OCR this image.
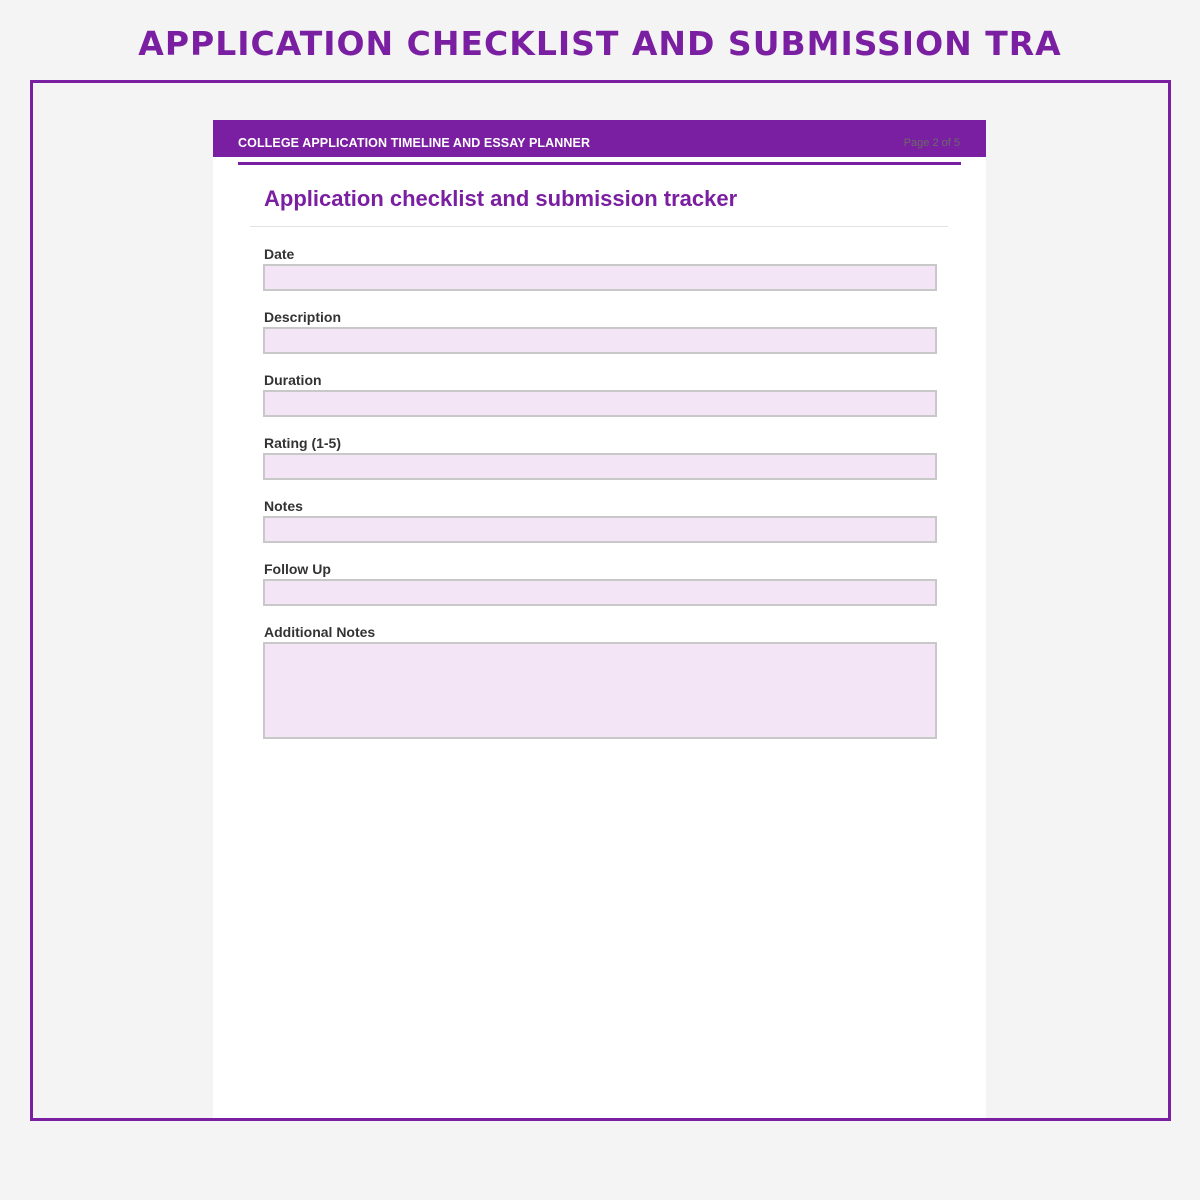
APPLICATION CHECKLIST AND SUBMISSION TRA
COLLEGE APPLICATION TIMELINE AND ESSAY PLANNER	Page 2 of 5
Application checklist and submission tracker
Date
Description
Duration
Rating (1-5)
Notes
Follow Up
Additional Notes
